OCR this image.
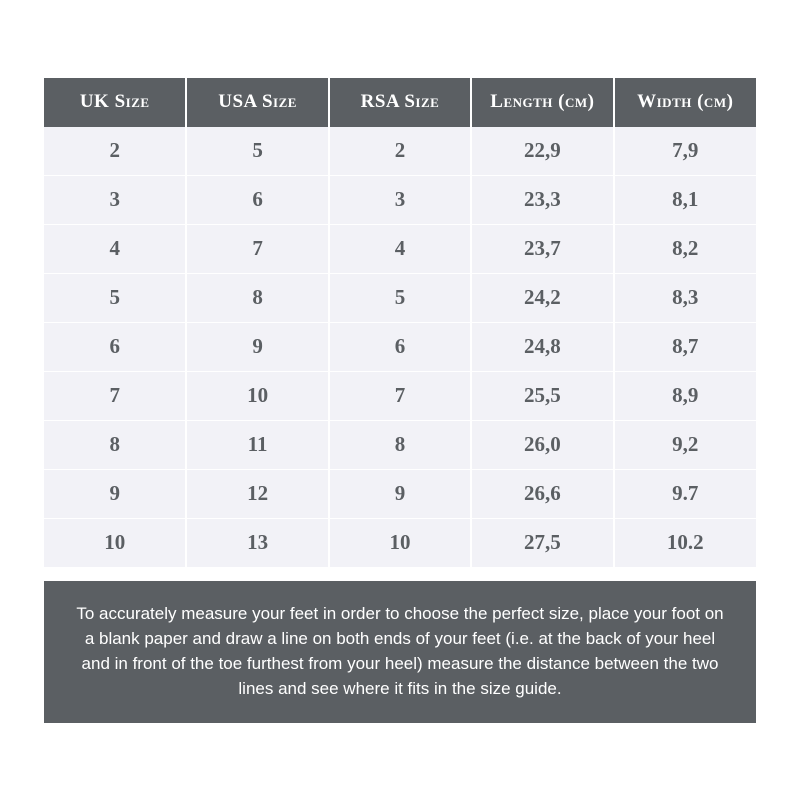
UK Size	USA Size	RSA Size	Length (cm)	Width (cm)
2	5	2	22,9	7,9
3	6	3	23,3	8,1
4	7	4	23,7	8,2
5	8	5	24,2	8,3
6	9	6	24,8	8,7
7	10	7	25,5	8,9
8	11	8	26,0	9,2
9	12	9	26,6	9.7
10	13	10	27,5	10.2
To accurately measure your feet in order to choose the perfect size, place your foot on a blank paper and draw a line on both ends of your feet (i.e. at the back of your heel and in front of the toe furthest from your heel) measure the distance between the two lines and see where it fits in the size guide.
